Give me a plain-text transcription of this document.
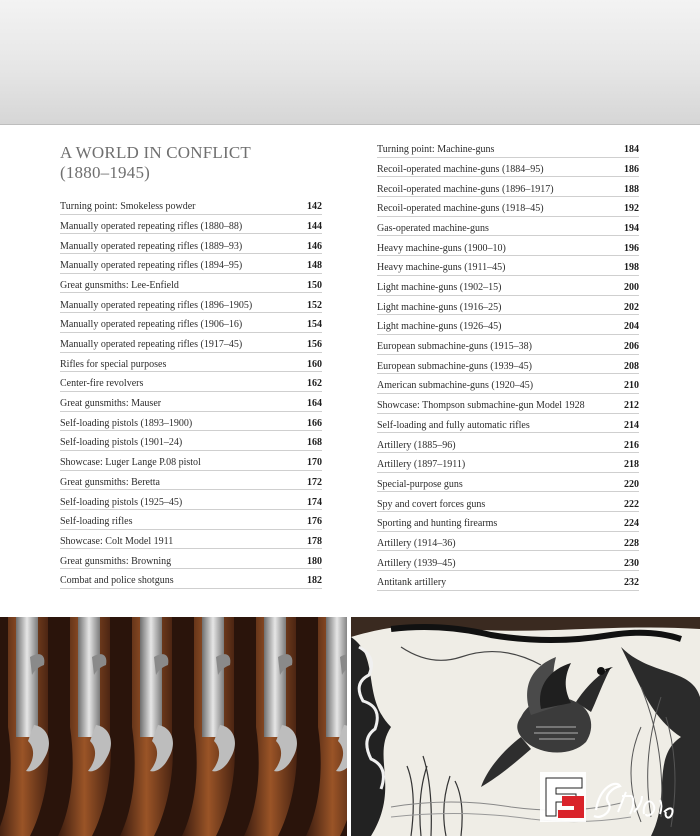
A WORLD IN CONFLICT
(1880–1945)
Turning point: Smokeless powder	142
Manually operated repeating rifles (1880–88)	144
Manually operated repeating rifles (1889–93)	146
Manually operated repeating rifles (1894–95)	148
Great gunsmiths: Lee-Enfield	150
Manually operated repeating rifles (1896–1905)	152
Manually operated repeating rifles (1906–16)	154
Manually operated repeating rifles (1917–45)	156
Rifles for special purposes	160
Center-fire revolvers	162
Great gunsmiths: Mauser	164
Self-loading pistols (1893–1900)	166
Self-loading pistols (1901–24)	168
Showcase: Luger Lange P.08 pistol	170
Great gunsmiths: Beretta	172
Self-loading pistols (1925–45)	174
Self-loading rifles	176
Showcase: Colt Model 1911	178
Great gunsmiths: Browning	180
Combat and police shotguns	182
Turning point: Machine-guns	184
Recoil-operated machine-guns (1884–95)	186
Recoil-operated machine-guns (1896–1917)	188
Recoil-operated machine-guns (1918–45)	192
Gas-operated machine-guns	194
Heavy machine-guns (1900–10)	196
Heavy machine-guns (1911–45)	198
Light machine-guns (1902–15)	200
Light machine-guns (1916–25)	202
Light machine-guns (1926–45)	204
European submachine-guns (1915–38)	206
European submachine-guns (1939–45)	208
American submachine-guns (1920–45)	210
Showcase: Thompson submachine-gun Model 1928	212
Self-loading and fully automatic rifles	214
Artillery (1885–96)	216
Artillery (1897–1911)	218
Special-purpose guns	220
Spy and covert forces guns	222
Sporting and hunting firearms	224
Artillery (1914–36)	228
Artillery (1939–45)	230
Antitank artillery	232
